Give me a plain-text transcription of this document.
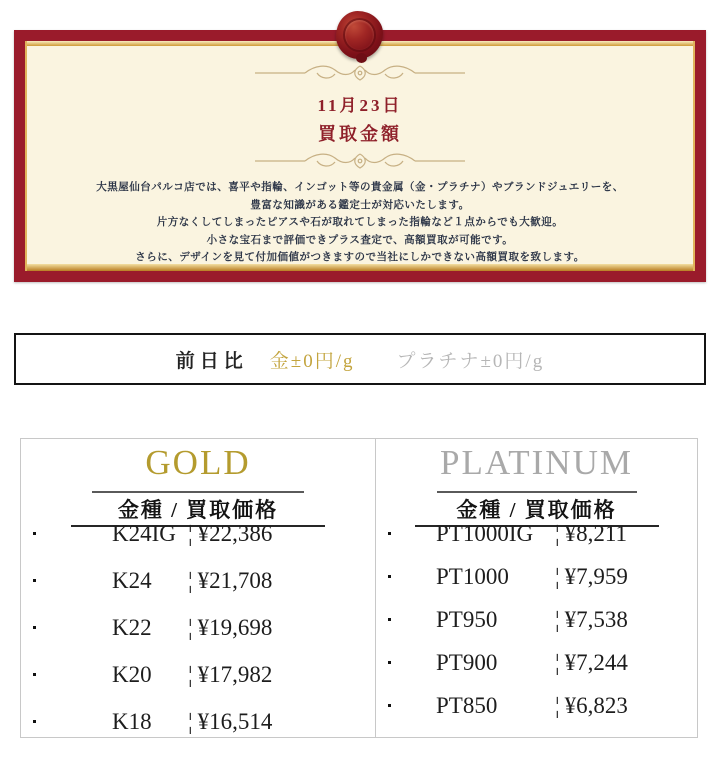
11月23日
買取金額
大黒屋仙台パルコ店では、喜平や指輪、インゴット等の貴金属（金・プラチナ）やブランドジュエリーを、
豊富な知識がある鑑定士が対応いたします。
片方なくしてしまったピアスや石が取れてしまった指輪など１点からでも大歓迎。
小さな宝石まで評価できプラス査定で、高額買取が可能です。
さらに、デザインを見て付加価値がつきますので当社にしかできない高額買取を致します。
前日比 金±0円/g プラチナ±0円/g
GOLD
金種 / 買取価格
K24IG ¦ ¥22,386
K24 ¦ ¥21,708
K22 ¦ ¥19,698
K20 ¦ ¥17,982
K18 ¦ ¥16,514
PLATINUM
金種 / 買取価格
PT1000IG ¦ ¥8,211
PT1000 ¦ ¥7,959
PT950	¦ ¥7,538
PT900	¦ ¥7,244
PT850	¦ ¥6,823
